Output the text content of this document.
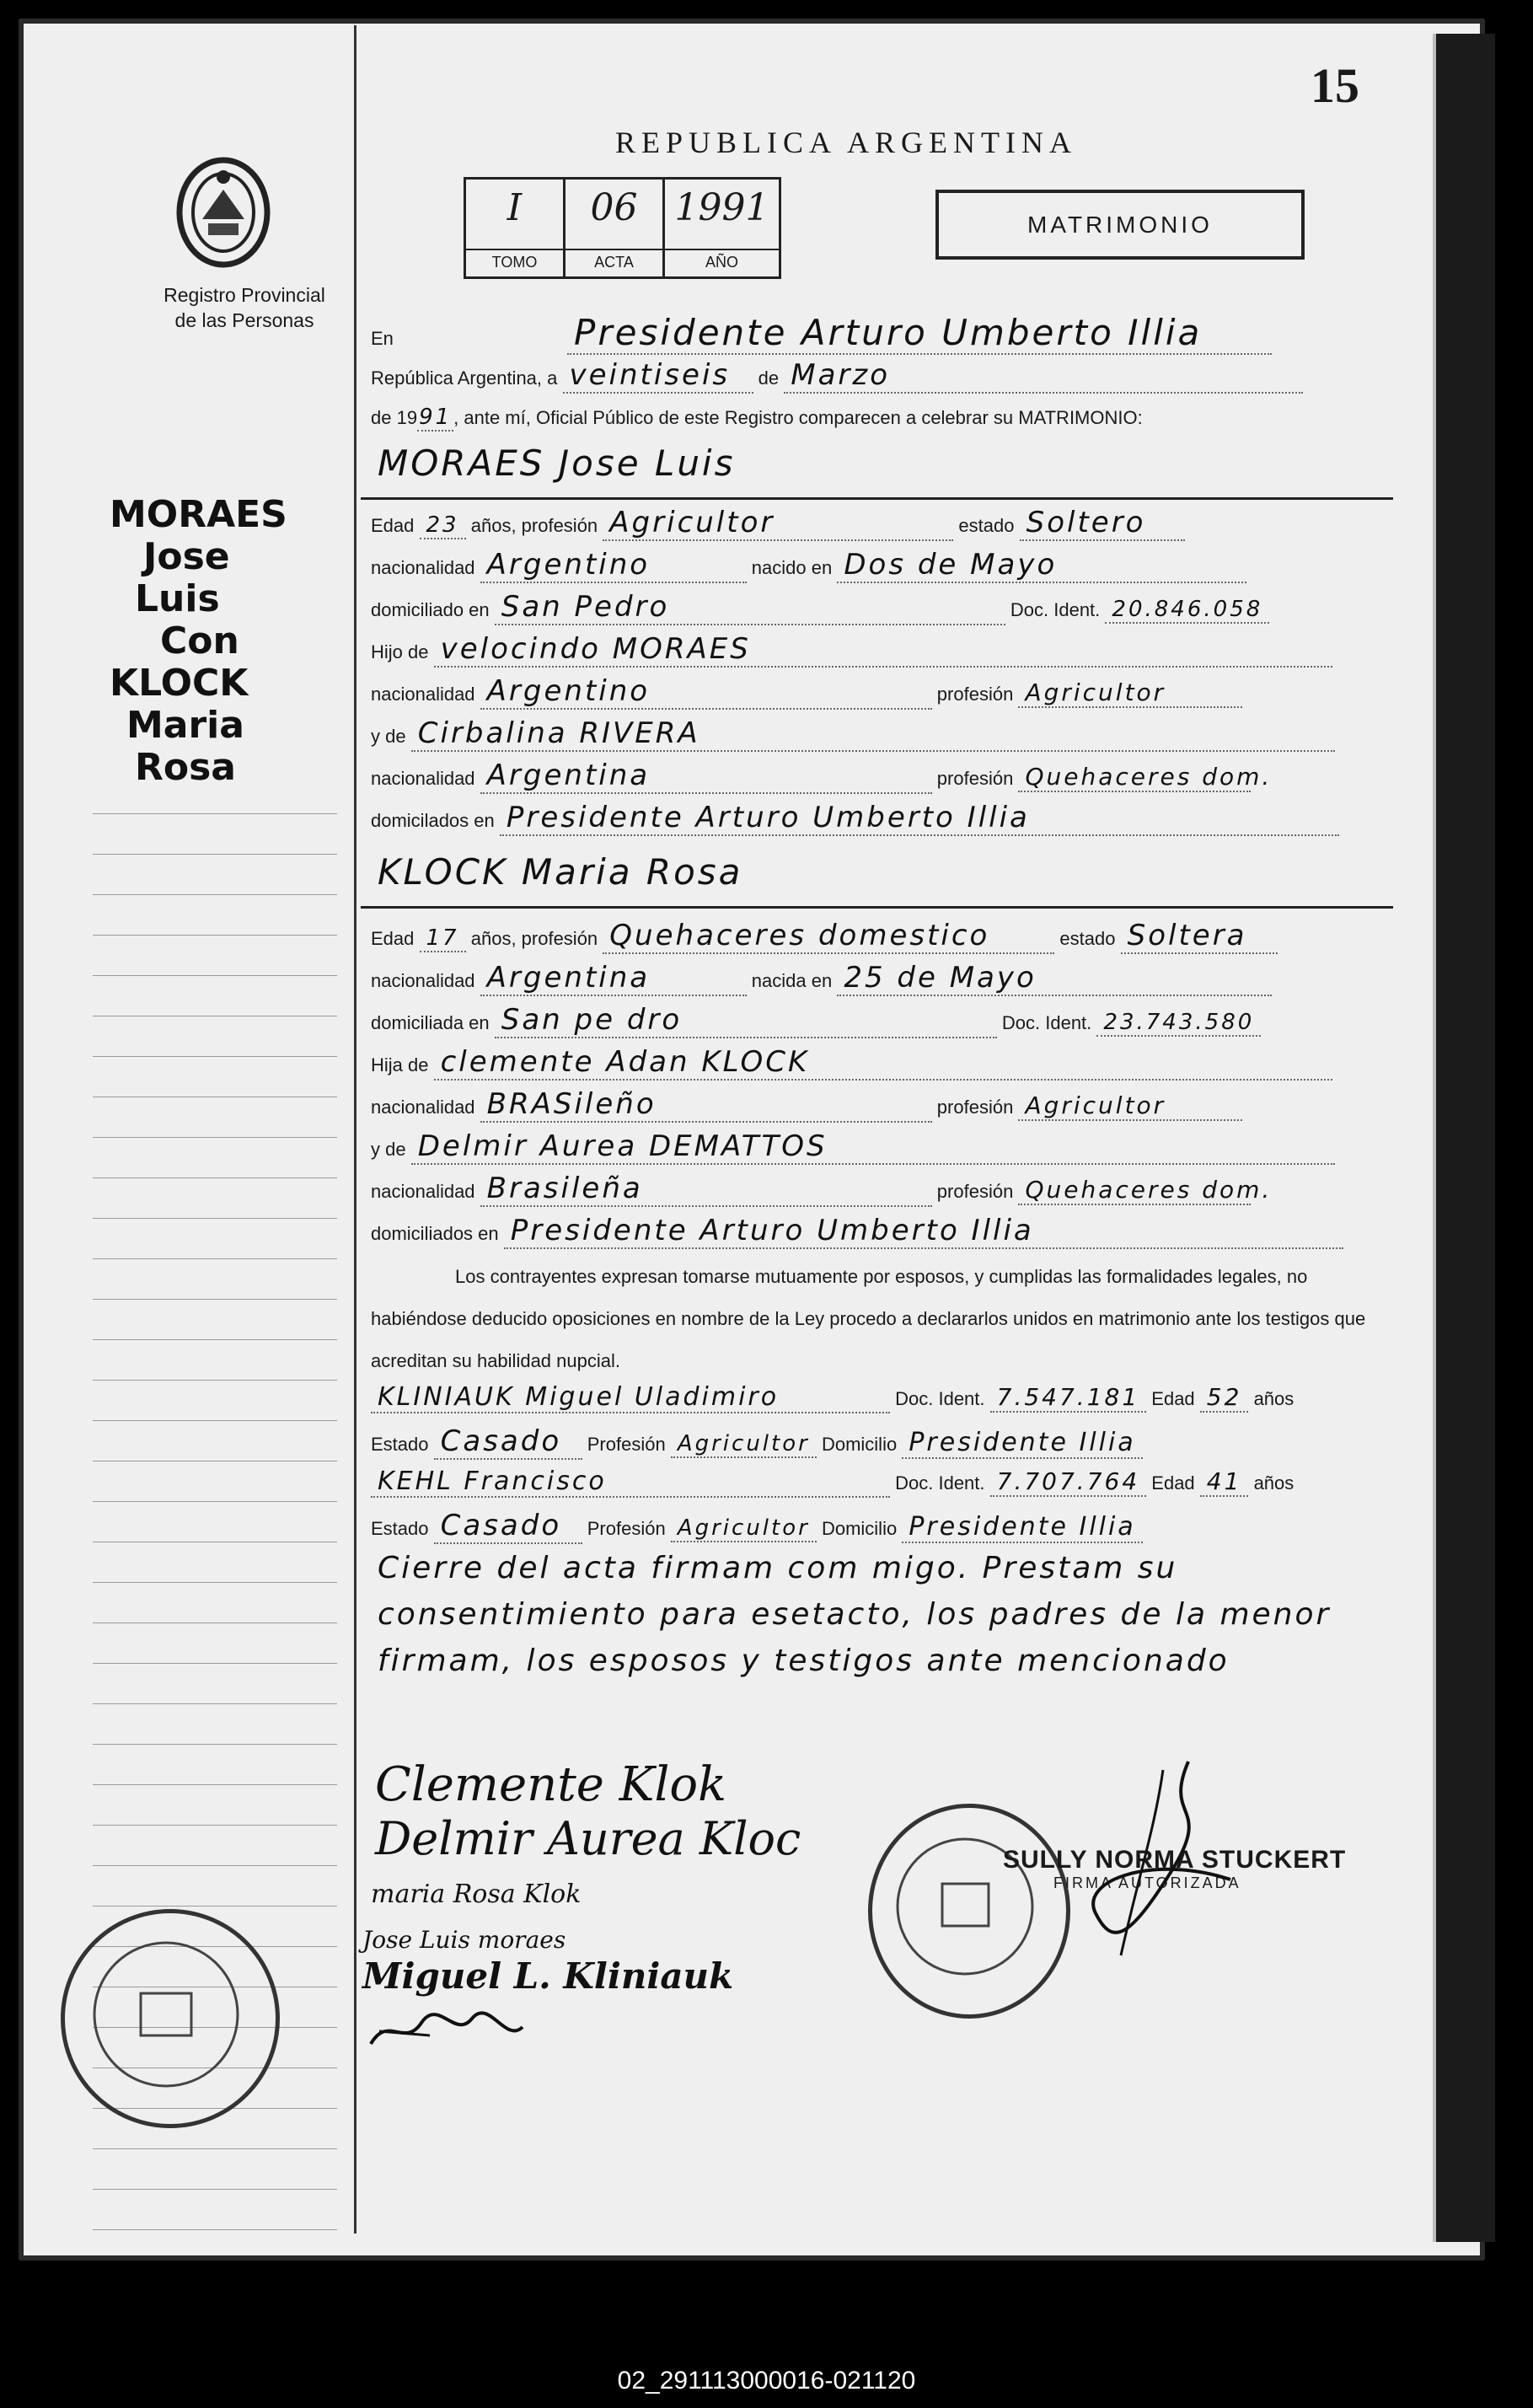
15
REPUBLICA ARGENTINA
I
TOMO
06
ACTA
1991
AÑO
MATRIMONIO
Registro Provincial
de las Personas
MORAES
Jose
Luis
Con
KLOCK
Maria
Rosa
En	Presidente Arturo Umberto Illia
República Argentina, a veintiseis de Marzo
de 1991, ante mí, Oficial Público de este Registro comparecen a celebrar su MATRIMONIO:
MORAES Jose Luis
Edad 23 años, profesión Agricultor	estado Soltero
nacionalidad Argentino	nacido en Dos de Mayo
domiciliado en San Pedro	Doc. Ident. 20.846.058
Hijo de velocindo MORAES
nacionalidad Argentino	profesión Agricultor
y de Cirbalina RIVERA
nacionalidad Argentina	profesión Quehaceres dom.
domicilados en Presidente Arturo Umberto Illia
KLOCK Maria Rosa
Edad 17 años, profesión Quehaceres domestico	estado Soltera
nacionalidad Argentina	nacida en 25 de Mayo
domiciliada en San pe dro	Doc. Ident. 23.743.580
Hija de clemente Adan KLOCK
nacionalidad BRASileño	profesión Agricultor
y de Delmir Aurea DEMATTOS
nacionalidad Brasileña	profesión Quehaceres dom.
domiciliados en Presidente Arturo Umberto Illia
Los contrayentes expresan tomarse mutuamente por esposos, y cumplidas las formalidades legales, no habiéndose deducido oposiciones en nombre de la Ley procedo a declararlos unidos en matrimonio ante los testigos que acreditan su habilidad nupcial.
KLINIAUK Miguel Uladimiro	Doc. Ident. 7.547.181 Edad 52 años
Estado Casado Profesión Agricultor Domicilio Presidente Illia
KEHL Francisco	Doc. Ident. 7.707.764 Edad 41 años
Estado Casado Profesión Agricultor Domicilio Presidente Illia
Cierre del acta firmam com migo. Prestam su
consentimiento para esetacto, los padres de la menor
firmam, los esposos y testigos ante mencionado
Clemente Klok
Delmir Aurea Kloc
maria Rosa Klok
Jose Luis moraes
Miguel L. Kliniauk
SULLY NORMA STUCKERT
FIRMA AUTORIZADA
02_291113000016-021120
